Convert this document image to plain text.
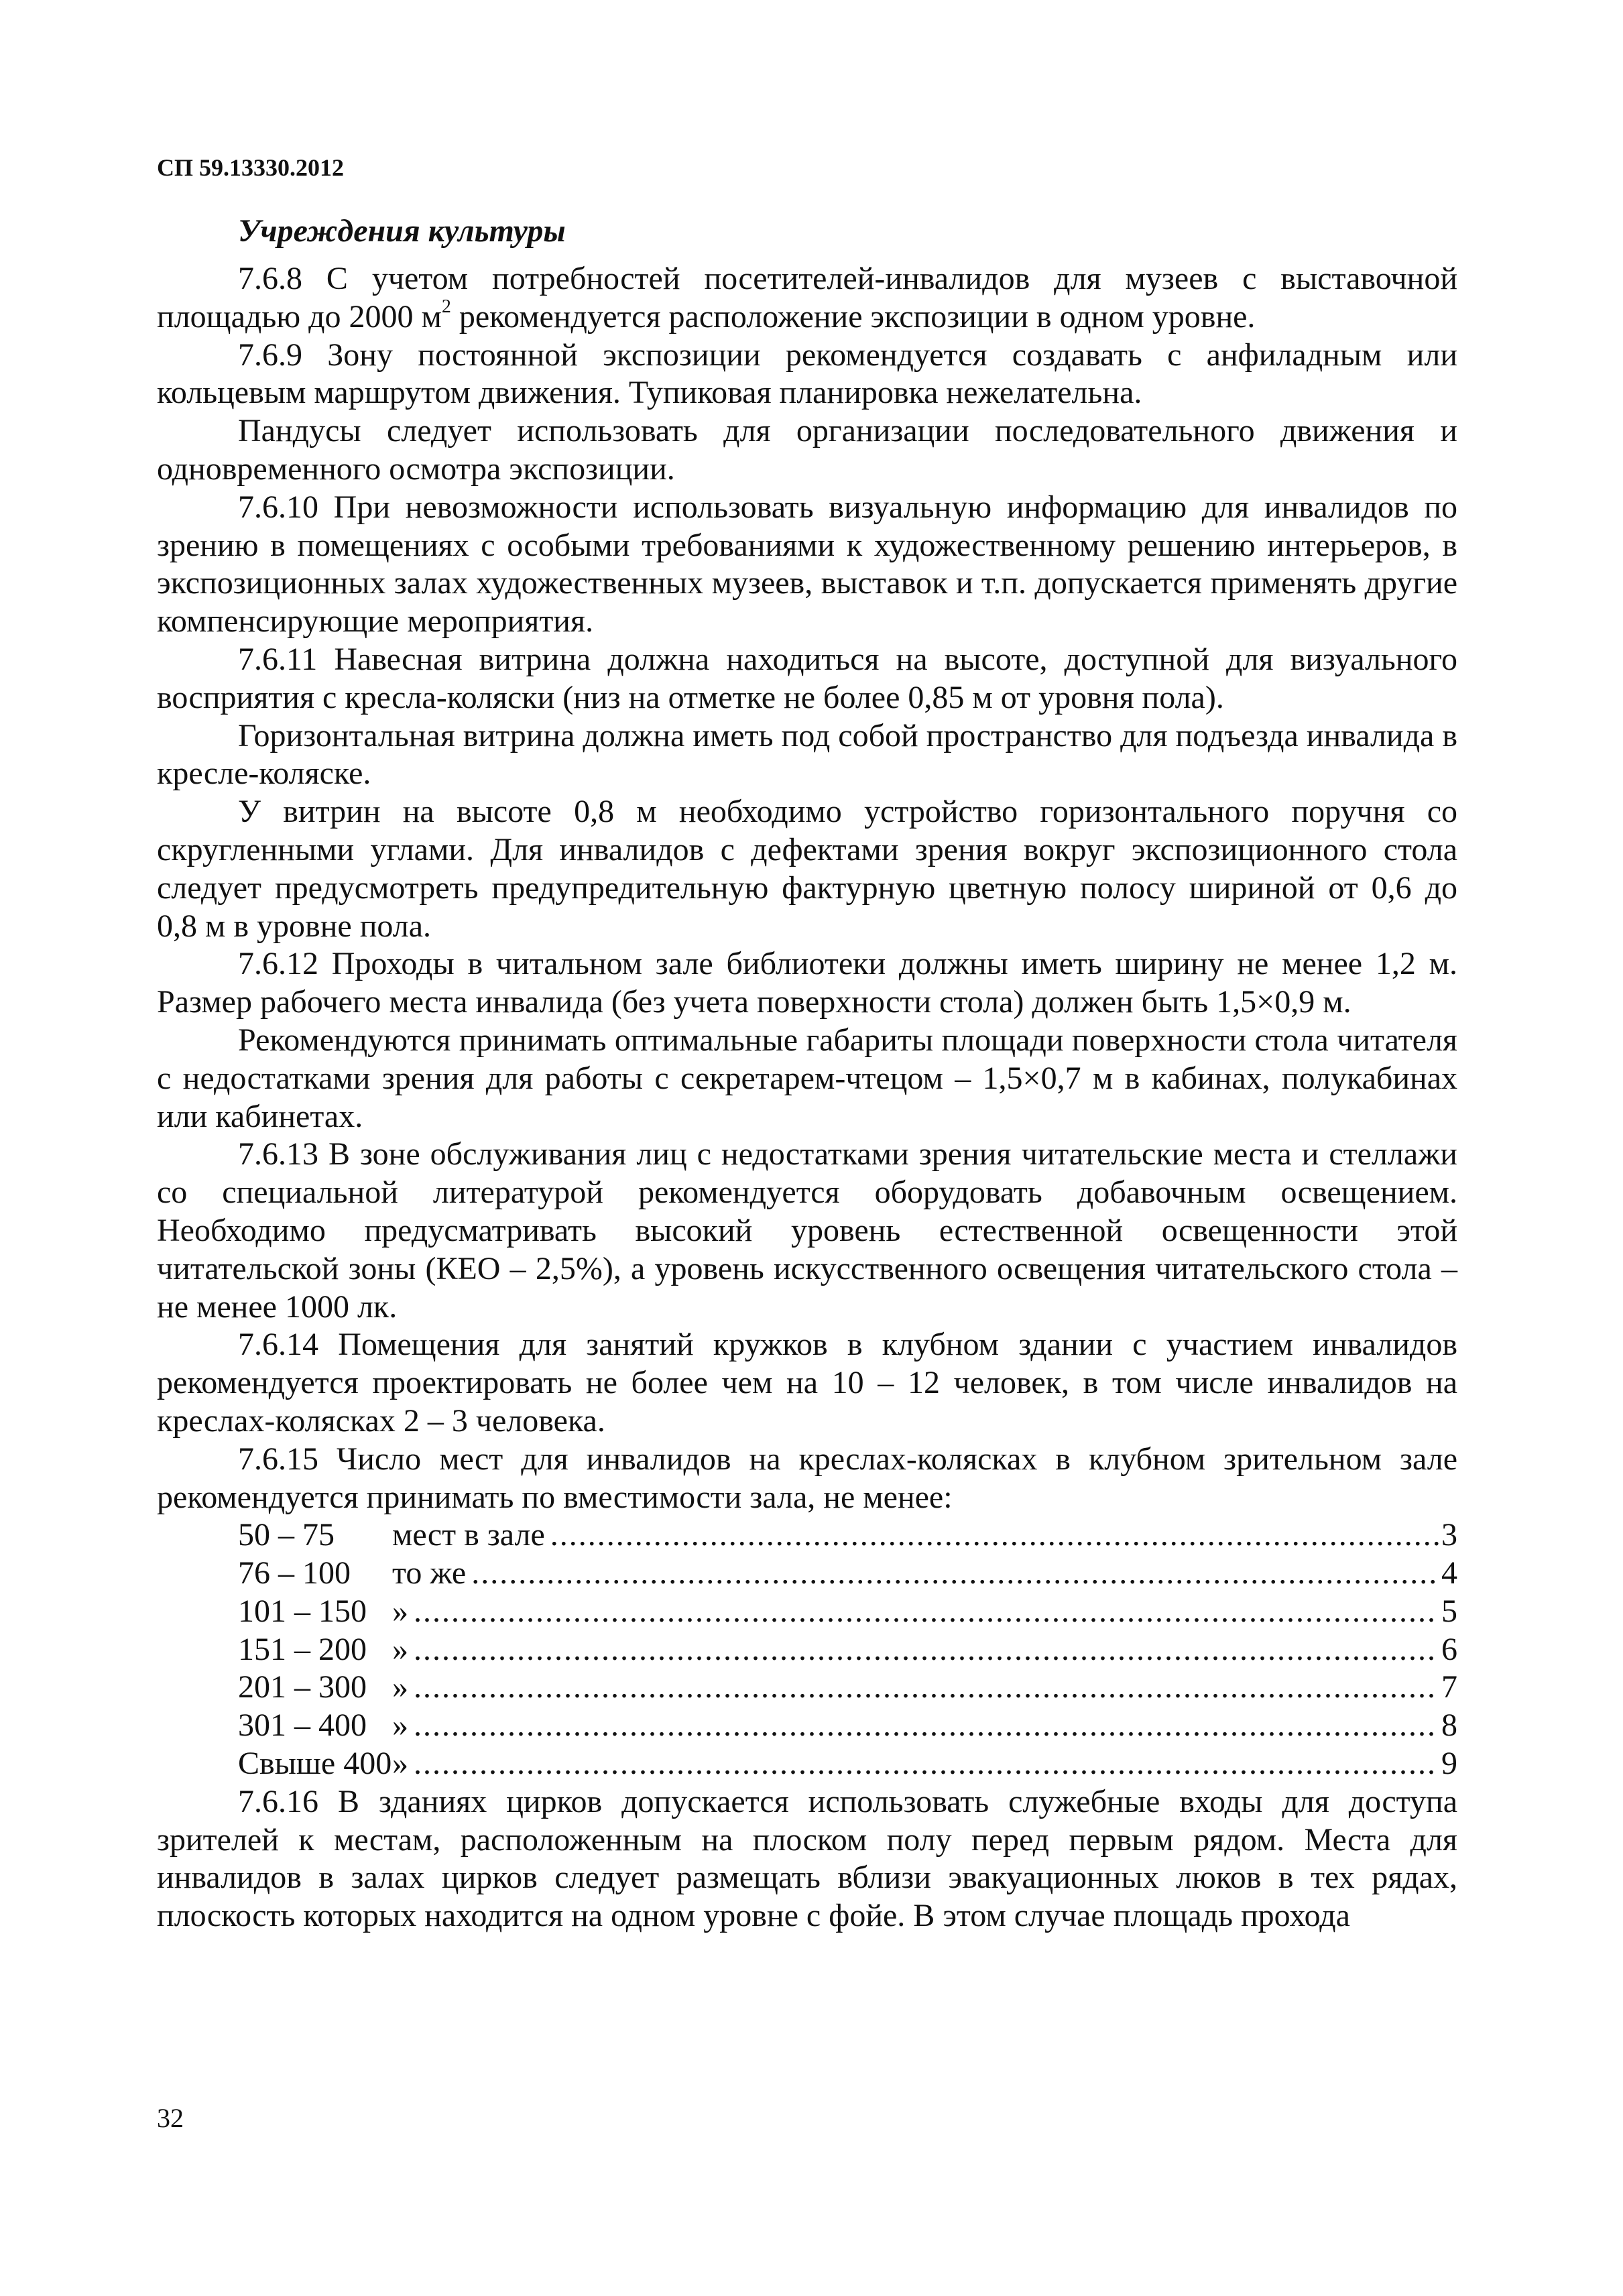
СП 59.13330.2012
Учреждения культуры

7.6.8 С учетом потребностей посетителей-инвалидов для музеев с выставочной площадью до 2000 $м^2$ рекомендуется расположение экспозиции в одном уровне.

7.6.9 Зону постоянной экспозиции рекомендуется создавать с анфиладным или кольцевым маршрутом движения. Тупиковая планировка нежелательна.

Пандусы следует использовать для организации последовательного движения и одновременного осмотра экспозиции.

7.6.10 При невозможности использовать визуальную информацию для инвалидов по зрению в помещениях с особыми требованиями к художественному решению интерьеров, в экспозиционных залах художественных музеев, выставок и т.п. допускается применять другие компенсирующие мероприятия.

7.6.11 Навесная витрина должна находиться на высоте, доступной для визуального восприятия с кресла-коляски (низ на отметке не более 0,85 м от уровня пола).

Горизонтальная витрина должна иметь под собой пространство для подъезда инвалида в кресле-коляске.

У витрин на высоте 0,8 м необходимо устройство горизонтального поручня со скругленными углами. Для инвалидов с дефектами зрения вокруг экспозиционного стола следует предусмотреть предупредительную фактурную цветную полосу шириной от 0,6 до 0,8 м в уровне пола.

7.6.12 Проходы в читальном зале библиотеки должны иметь ширину не менее 1,2 м. Размер рабочего места инвалида (без учета поверхности стола) должен быть 1,5×0,9 м.

Рекомендуются принимать оптимальные габариты площади поверхности стола читателя с недостатками зрения для работы с секретарем-чтецом – 1,5×0,7 м в кабинах, полукабинах или кабинетах.

7.6.13 В зоне обслуживания лиц с недостатками зрения читательские места и стеллажи со специальной литературой рекомендуется оборудовать добавочным освещением. Необходимо предусматривать высокий уровень естественной освещенности этой читательской зоны (КЕО – 2,5%), а уровень искусственного освещения читательского стола – не менее 1000 лк.

7.6.14 Помещения для занятий кружков в клубном здании с участием инвалидов рекомендуется проектировать не более чем на 10 – 12 человек, в том числе инвалидов на креслах-колясках 2 – 3 человека.

7.6.15 Число мест для инвалидов на креслах-колясках в клубном зрительном зале рекомендуется принимать по вместимости зала, не менее:

50 – 75	мест в зале .....	3
76 – 100	то же .....	4
101 – 150 » .....	5
151 – 200 » .....	6
201 – 300 » .....	7
301 – 400 » .....	8
Свыше 400 » .....	9

7.6.16 В зданиях цирков допускается использовать служебные входы для доступа зрителей к местам, расположенным на плоском полу перед первым рядом. Места для инвалидов в залах цирков следует размещать вблизи эвакуационных люков в тех рядах, плоскость которых находится на одном уровне с фойе. В этом случае площадь прохода

32
